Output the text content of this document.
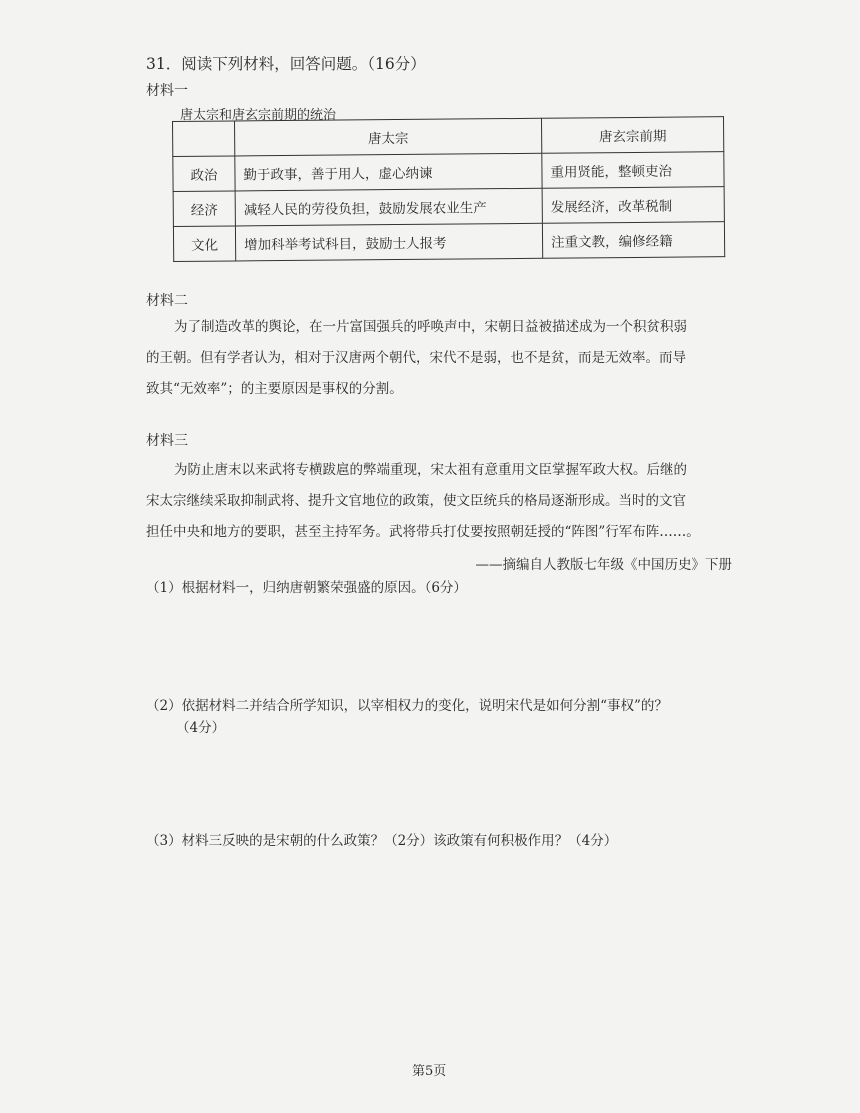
31．阅读下列材料，回答问题。（16分）
材料一
唐太宗和唐玄宗前期的统治
	唐太宗	唐玄宗前期
政治	勤于政事，善于用人，虚心纳谏	重用贤能，整顿吏治
经济	减轻人民的劳役负担，鼓励发展农业生产	发展经济，改革税制
文化	增加科举考试科目，鼓励士人报考	注重文教，编修经籍
材料二
为了制造改革的舆论，在一片富国强兵的呼唤声中，宋朝日益被描述成为一个积贫积弱
的王朝。但有学者认为，相对于汉唐两个朝代，宋代不是弱，也不是贫，而是无效率。而导
致其“无效率”；的主要原因是事权的分割。
材料三
为防止唐末以来武将专横跋扈的弊端重现，宋太祖有意重用文臣掌握军政大权。后继的
宋太宗继续采取抑制武将、提升文官地位的政策，使文臣统兵的格局逐渐形成。当时的文官
担任中央和地方的要职，甚至主持军务。武将带兵打仗要按照朝廷授的“阵图”行军布阵……。
——摘编自人教版七年级《中国历史》下册
（1）根据材料一，归纳唐朝繁荣强盛的原因。（6分）
（2）依据材料二并结合所学知识，以宰相权力的变化，说明宋代是如何分割“事权”的？
（4分）
（3）材料三反映的是宋朝的什么政策？（2分）该政策有何积极作用？（4分）
第5页
